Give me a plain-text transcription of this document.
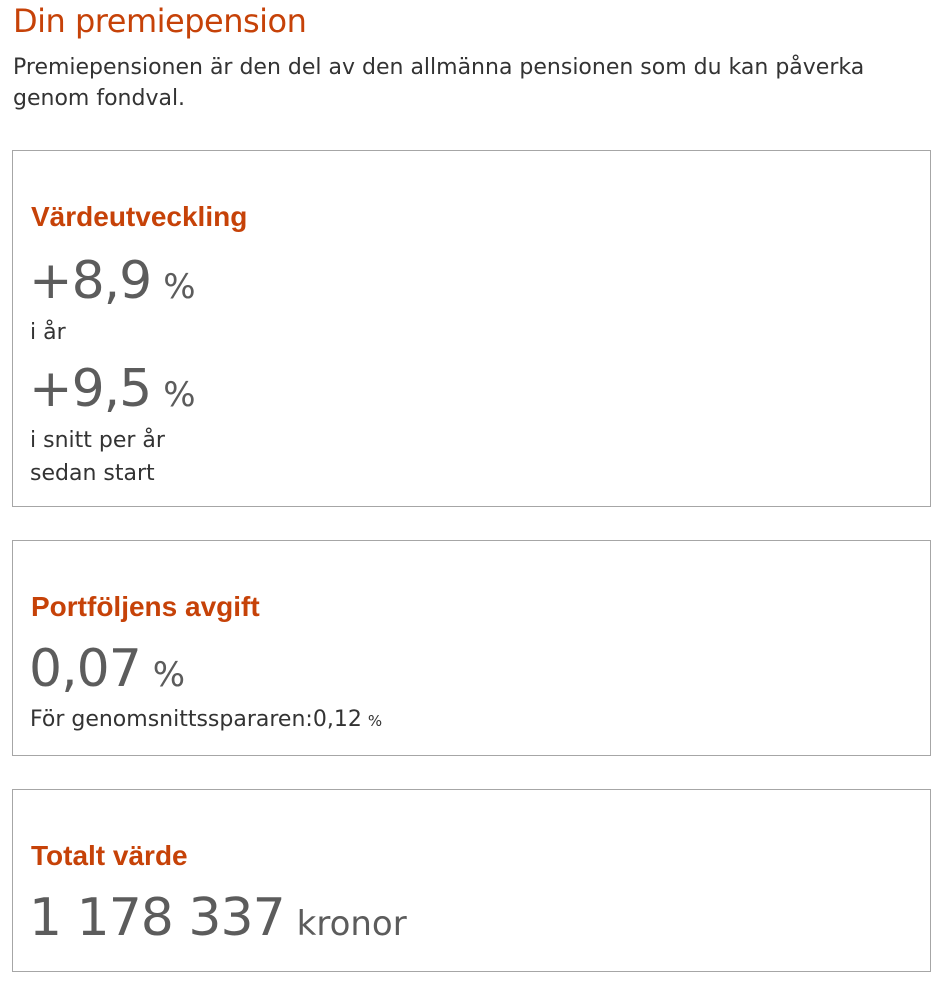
Din premiepension

Premiepensionen är den del av den allmänna pensionen som du kan påverka genom fondval.

Värdeutveckling
+8,9 %
i år
+9,5 %
i snitt per år
sedan start
Portföljens avgift
0,07 %
För genomsnittsspararen:0,12 %
Totalt värde
1 178 337 kronor
